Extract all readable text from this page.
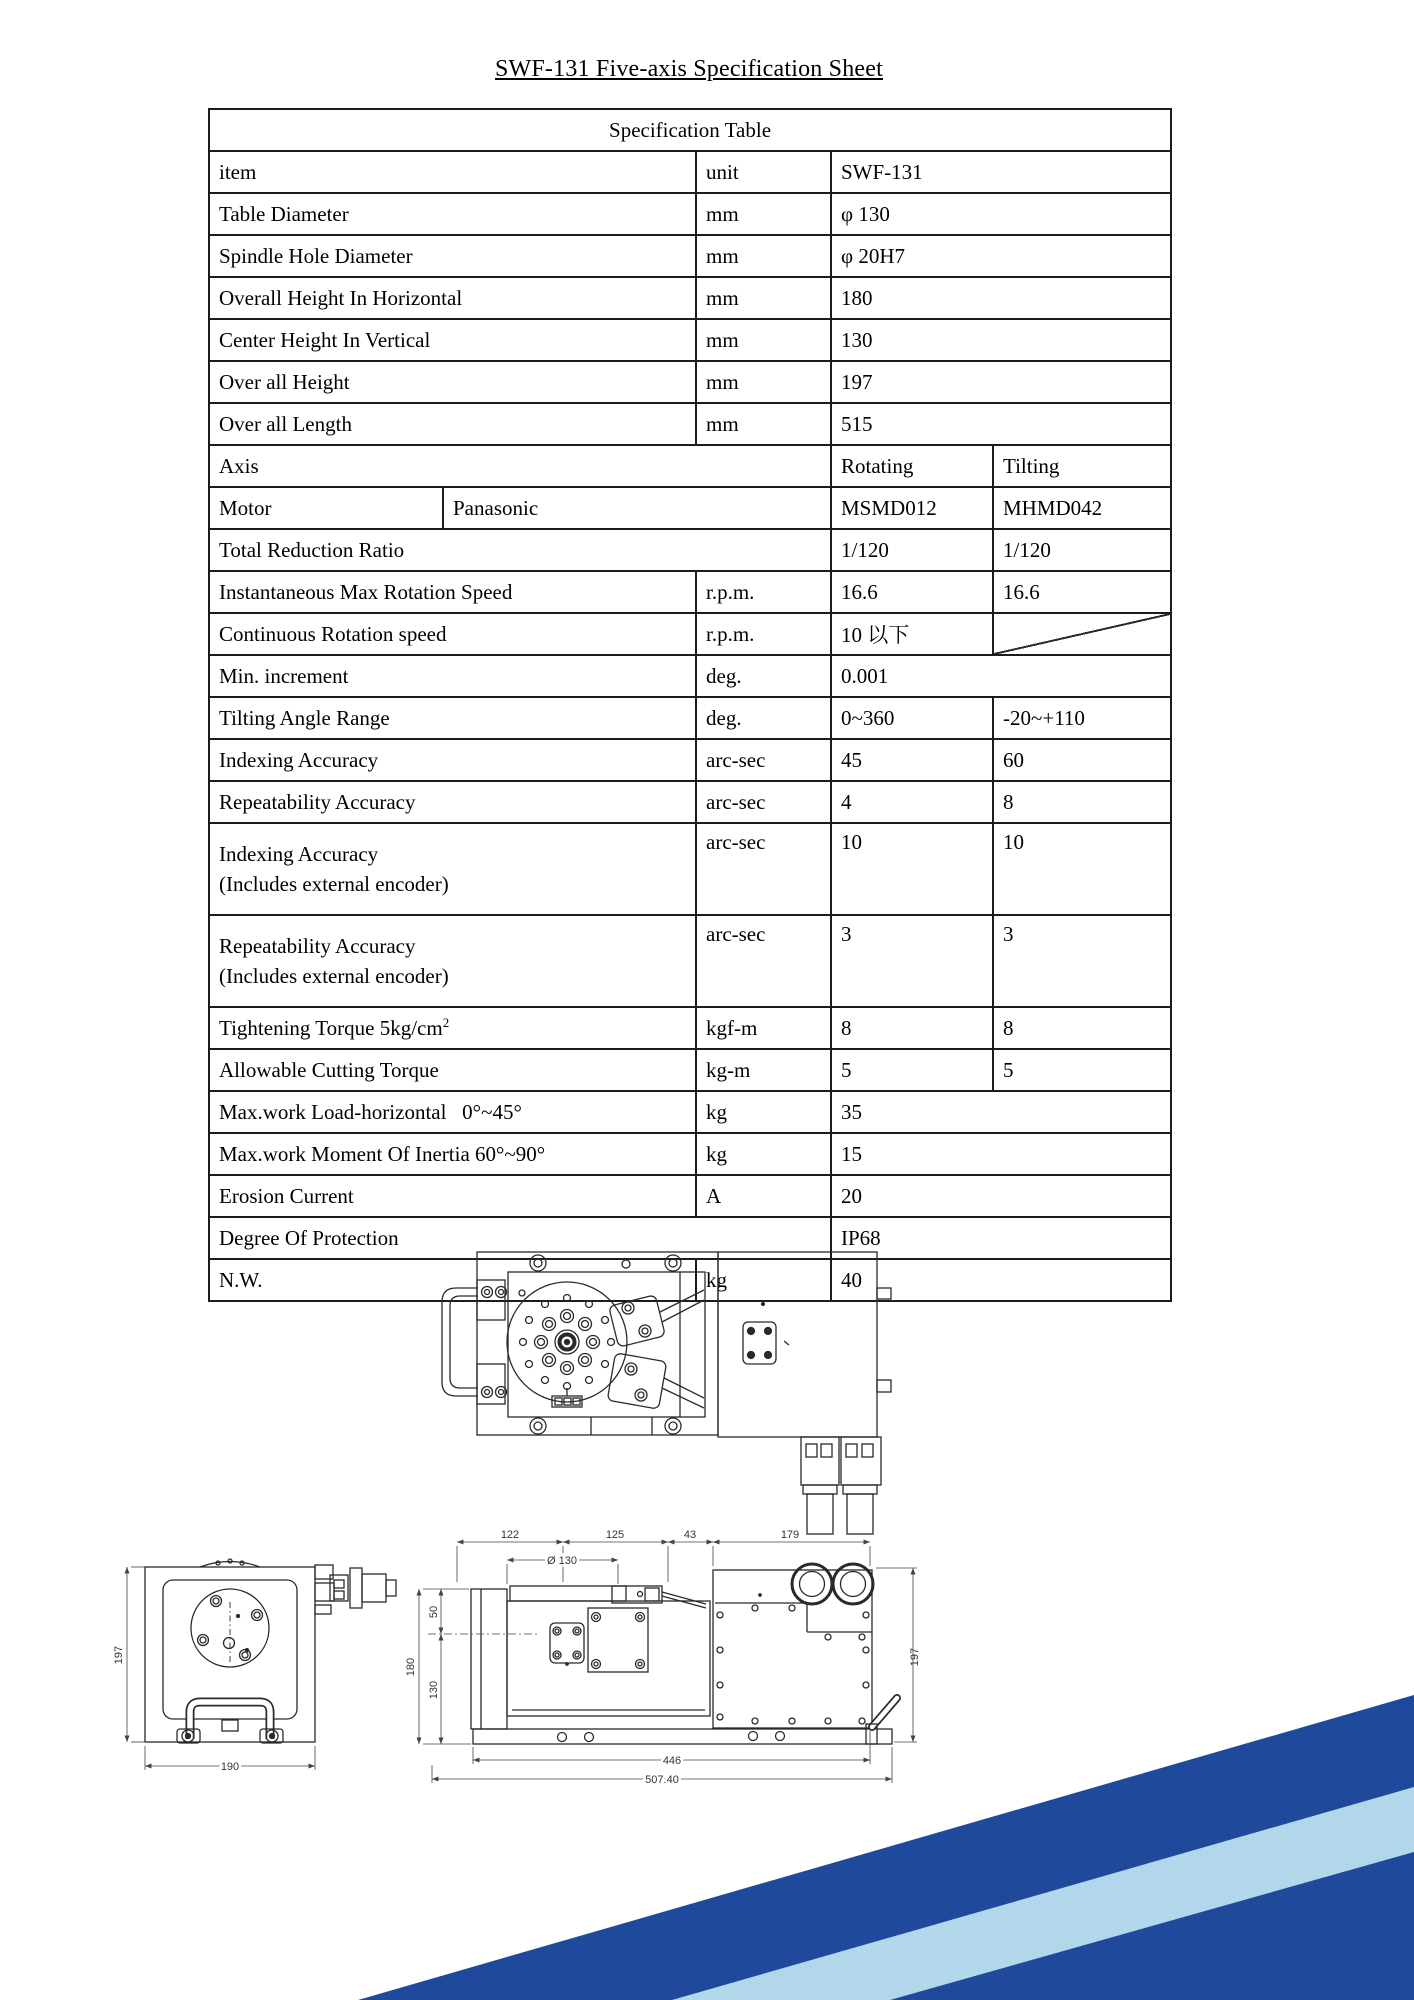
SWF-131 Five-axis Specification Sheet
Specification Table				
item		unit	SWF-131	
Table Diameter		mm	φ 130	
Spindle Hole Diameter		mm	φ 20H7	
Overall Height In Horizontal		mm	180	
Center Height In Vertical		mm	130	
Over all Height		mm	197	
Over all Length		mm	515	
Axis			Rotating	Tilting
Motor	Panasonic		MSMD012	MHMD042
Total Reduction Ratio			1/120	1/120
Instantaneous Max Rotation Speed		r.p.m.	16.6	16.6
Continuous Rotation speed		r.p.m.	10 以下	
Min. increment		deg.	0.001	
Tilting Angle Range		deg.	0~360	-20~+110
Indexing Accuracy		arc-sec	45	60
Repeatability Accuracy		arc-sec	4	8

Indexing Accuracy
(Includes external encoder)		arc-sec	10	10

Repeatability Accuracy
(Includes external encoder)		arc-sec	3	3
Tightening Torque $5kg/cm^2$		kgf-m	8	8
Allowable Cutting Torque		kg-m	5	5
Max.work Load-horizontal   0°~45°		kg	35	
Max.work Moment Of Inertia 60°~90°		kg	15	
Erosion Current		A	20	
Degree Of Protection			IP68	
N.W.		kg	40	
197
190
122	125	43	179
Ø 130
180
50
130
197
446
507.40
